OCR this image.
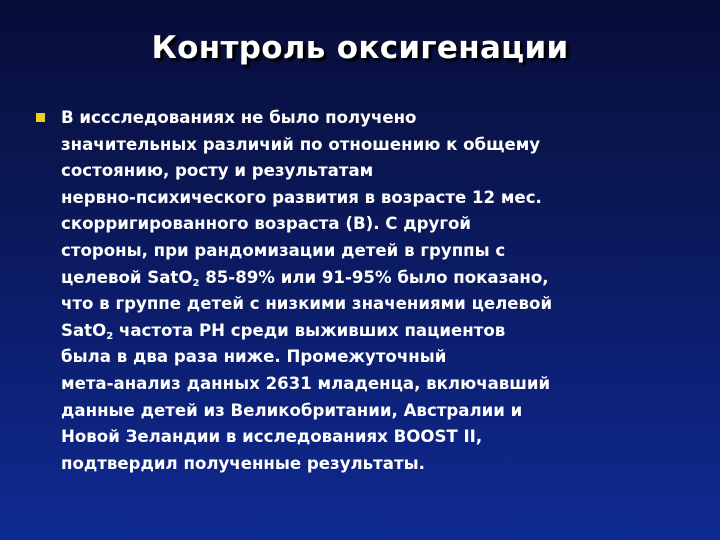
Контроль оксигенации
В иссследованиях не было получено
значительных различий по отношению к общему
состоянию, росту и результатам
нервно-психического развития в возрасте 12 мес.
скорригированного возраста (В). С другой
стороны, при рандомизации детей в группы с
целевой SatO$_2$ 85-89% или 91-95% было показано,
что в группе детей с низкими значениями целевой
SatO$_2$ частота РН среди выживших пациентов
была в два раза ниже. Промежуточный
мета-анализ данных 2631 младенца, включавший
данные детей из Великобритании, Австралии и
Новой Зеландии в исследованиях BOOST II,
подтвердил полученные результаты.
